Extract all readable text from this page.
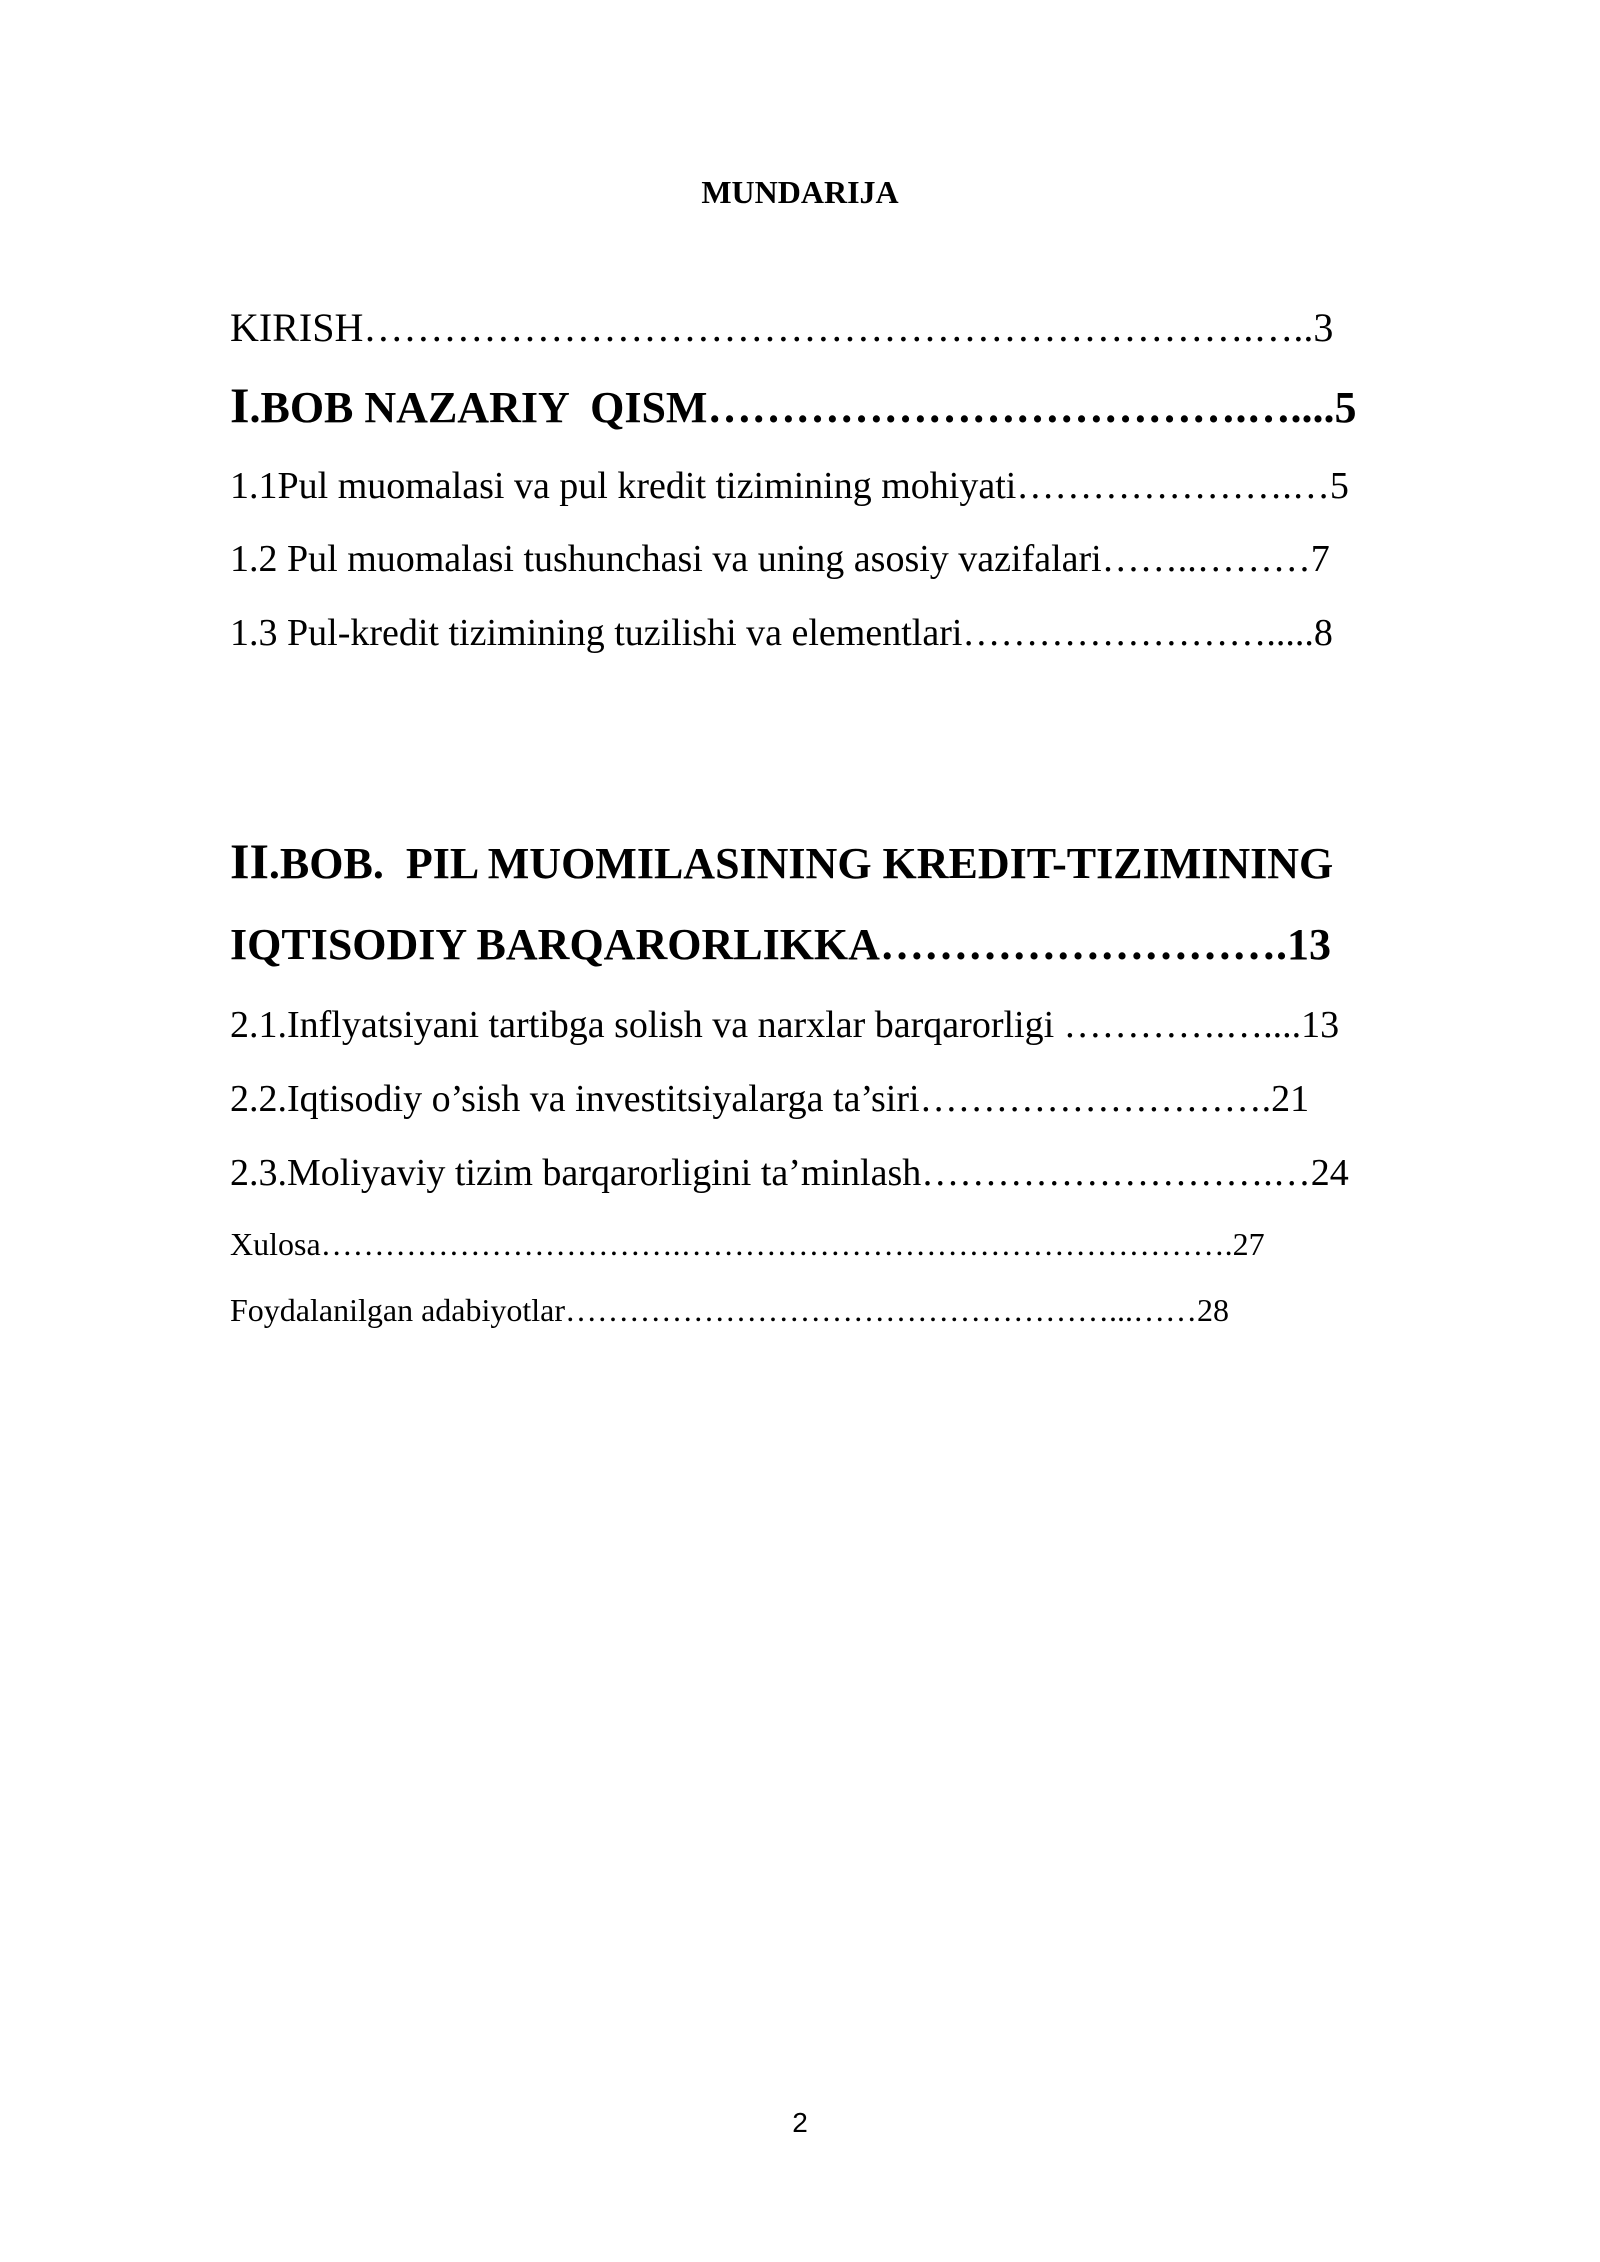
MUNDARIJA

KIRISH………………………………………………………….…..3

I.BOB NAZARIY  QISM……………………………….…....5

1.1Pul muomalasi va pul kredit tizimining mohiyati………………….…5

1.2 Pul muomalasi tushunchasi va uning asosiy vazifalari……..………7

1.3 Pul-kredit tizimining tuzilishi va elementlari…………………….....8

II.BOB.  PIL MUOMILASINING KREDIT-TIZIMINING

IQTISODIY BARQARORLIKKA……………………….13

2.1.Inflyatsiyani tartibga solish va narxlar barqarorligi ………….…....13

2.2.Iqtisodiy o’sish va investitsiyalarga ta’siri……………………….21

2.3.Moliyaviy tizim barqarorligini ta’minlash……………………….…24

Xulosa…………………………….…………………………………………….27

Foydalanilgan adabiyotlar……………………………………………...……28

2
